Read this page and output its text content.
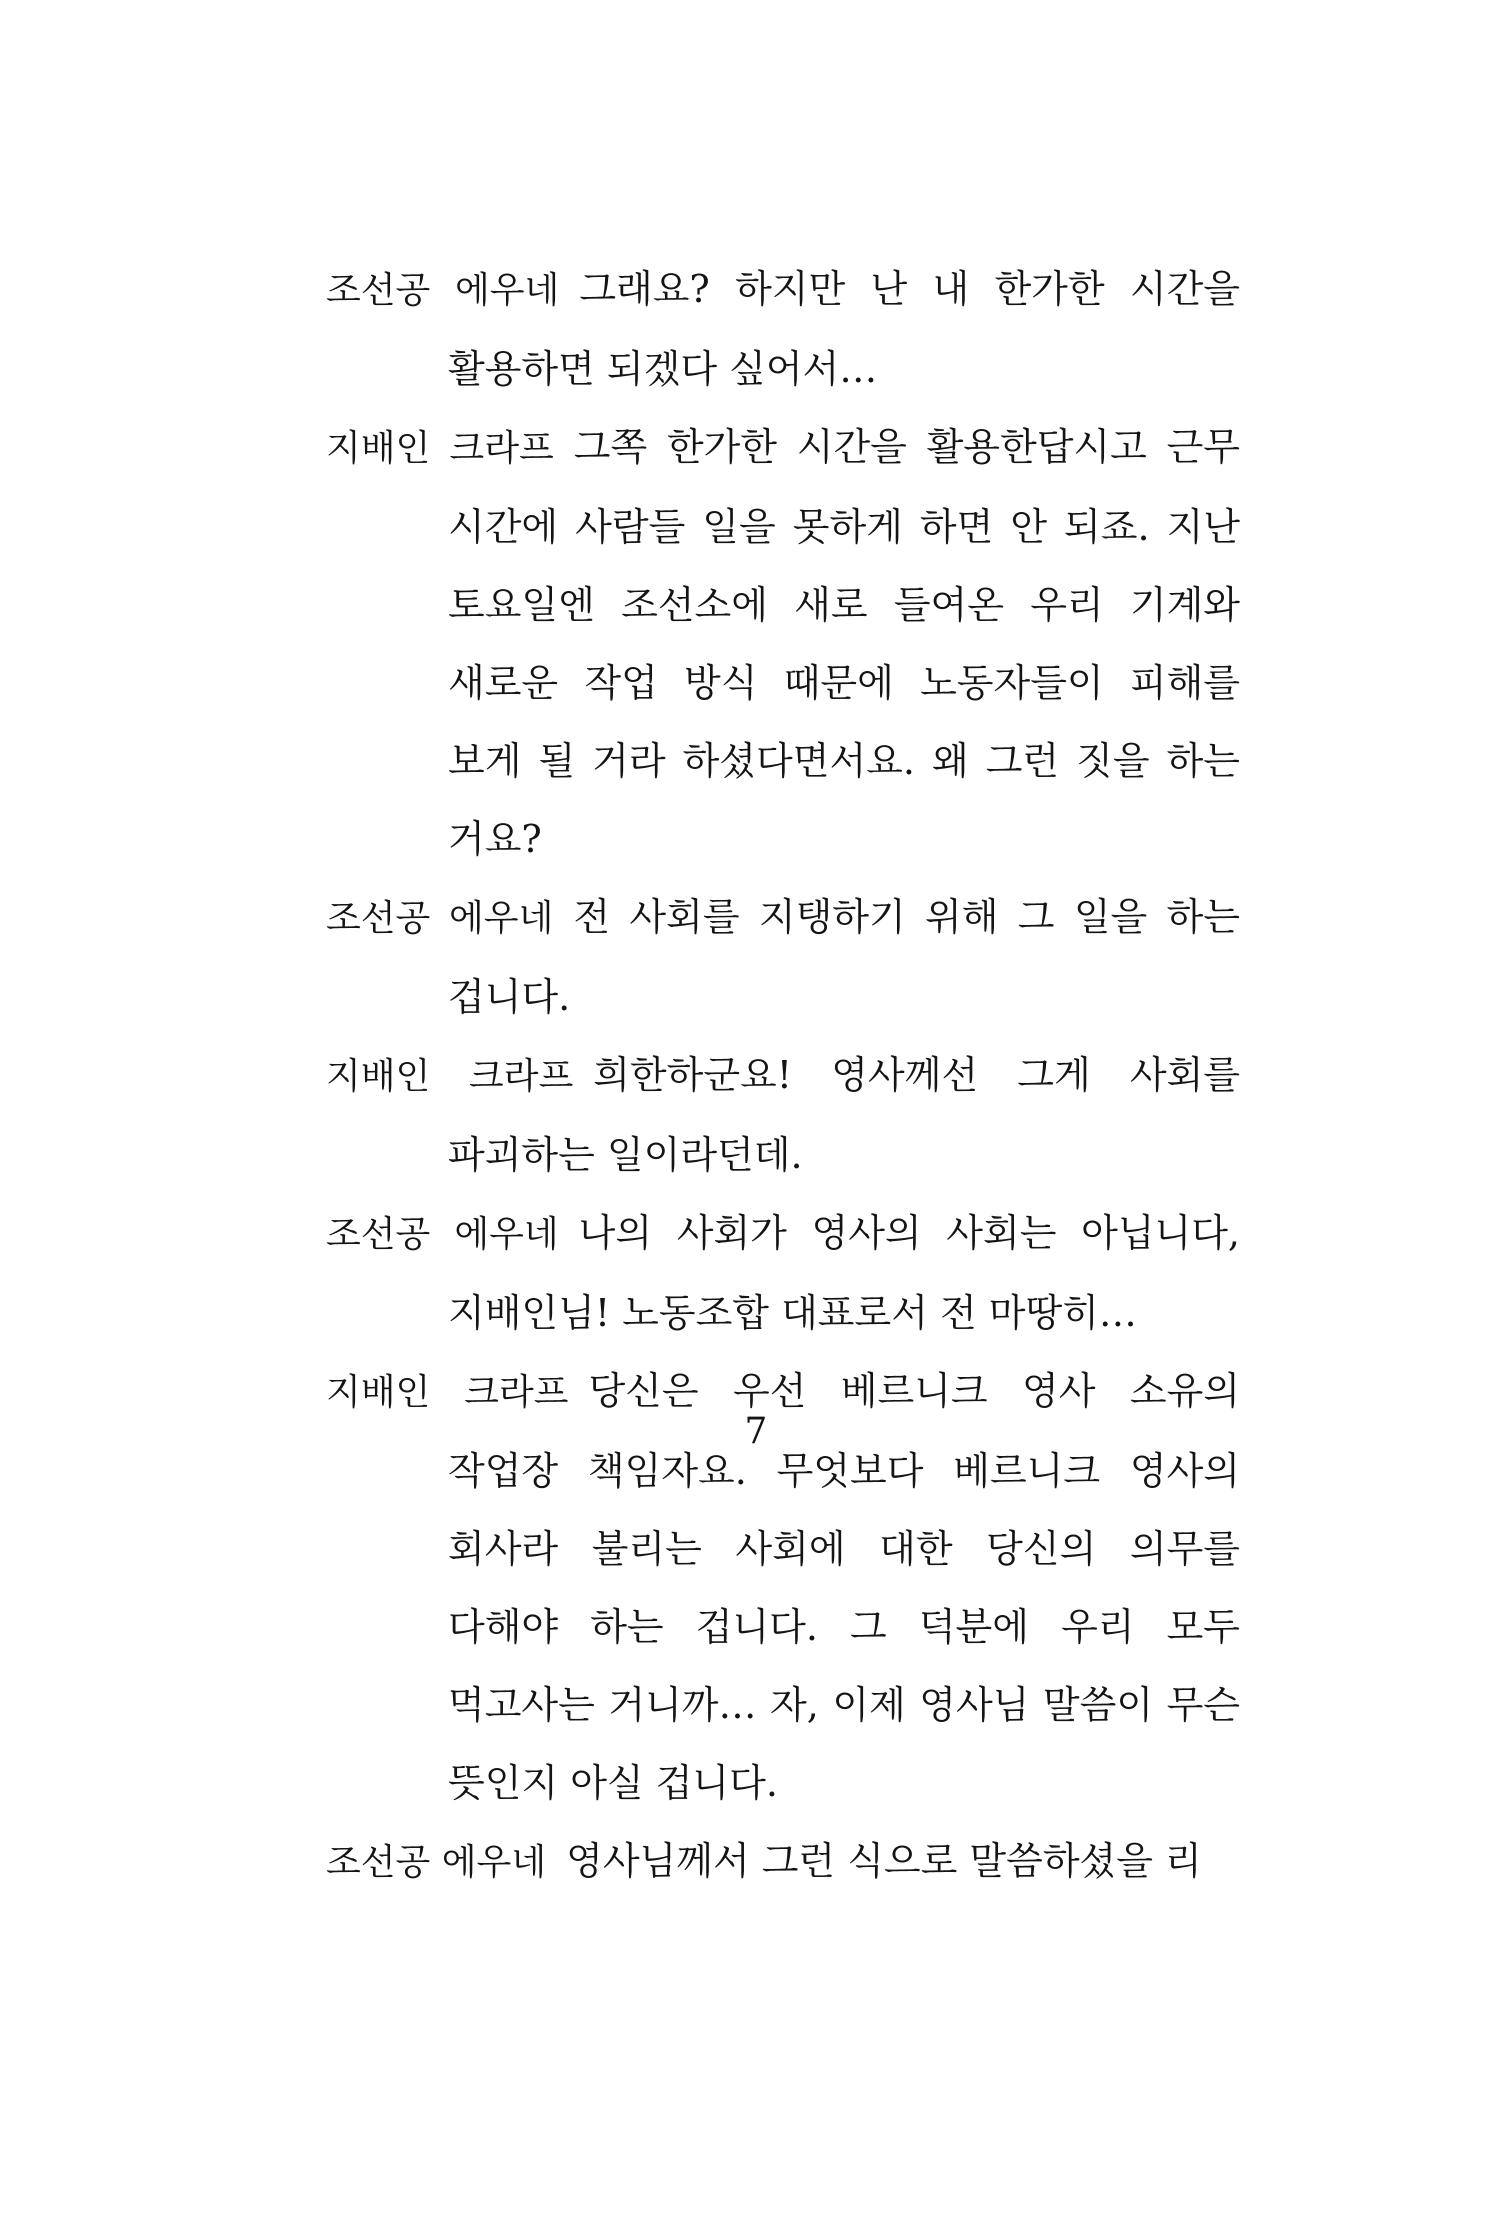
조선공 에우네 그래요? 하지만 난 내 한가한 시간을 활용하면 되겠다 싶어서…

지배인 크라프 그쪽 한가한 시간을 활용한답시고 근무 시간에 사람들 일을 못하게 하면 안 되죠. 지난 토요일엔 조선소에 새로 들여온 우리 기계와 새로운 작업 방식 때문에 노동자들이 피해를 보게 될 거라 하셨다면서요. 왜 그런 짓을 하는 거요?

조선공 에우네 전 사회를 지탱하기 위해 그 일을 하는 겁니다.

지배인 크라프 희한하군요! 영사께선 그게 사회를 파괴하는 일이라던데.

조선공 에우네 나의 사회가 영사의 사회는 아닙니다, 지배인님! 노동조합 대표로서 전 마땅히…

지배인 크라프 당신은 우선 베르니크 영사 소유의 작업장 책임자요. 무엇보다 베르니크 영사의 회사라 불리는 사회에 대한 당신의 의무를 다해야 하는 겁니다. 그 덕분에 우리 모두 먹고사는 거니까… 자, 이제 영사님 말씀이 무슨 뜻인지 아실 겁니다.

조선공 에우네 영사님께서 그런 식으로 말씀하셨을 리

7
